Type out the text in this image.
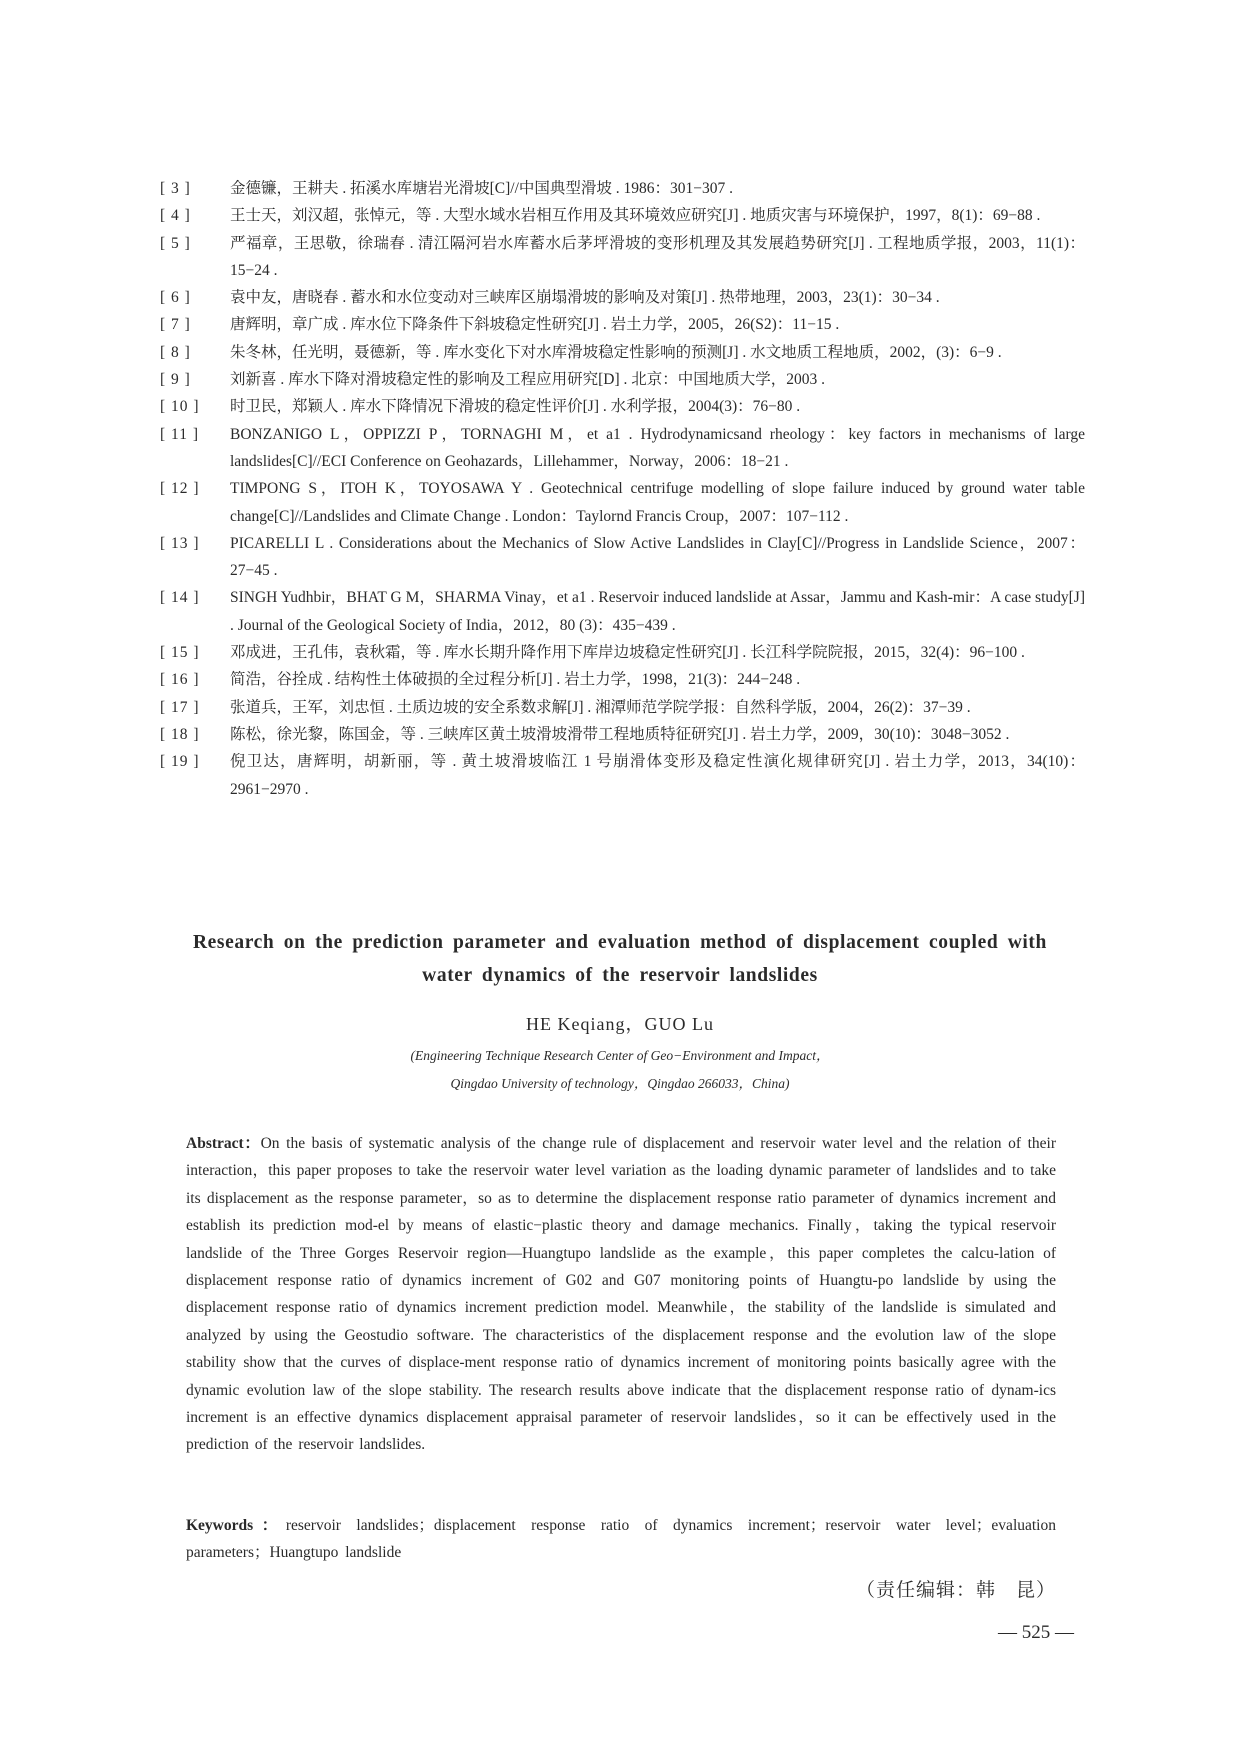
[ 3 ]	金德镰，王耕夫 . 拓溪水库塘岩光滑坡[C]//中国典型滑坡 . 1986：301−307 .
[ 4 ]	王士天，刘汉超，张悼元，等 . 大型水域水岩相互作用及其环境效应研究[J] . 地质灾害与环境保护，1997，8(1)：69−88 .
[ 5 ]	严福章，王思敬，徐瑞春 . 清江隔河岩水库蓄水后茅坪滑坡的变形机理及其发展趋势研究[J] . 工程地质学报，2003，11(1)：15−24 .
[ 6 ]	袁中友，唐晓春 . 蓄水和水位变动对三峡库区崩塌滑坡的影响及对策[J] . 热带地理，2003，23(1)：30−34 .
[ 7 ]	唐辉明，章广成 . 库水位下降条件下斜坡稳定性研究[J] . 岩土力学，2005，26(S2)：11−15 .
[ 8 ]	朱冬林，任光明，聂德新，等 . 库水变化下对水库滑坡稳定性影响的预测[J] . 水文地质工程地质，2002，(3)：6−9 .
[ 9 ]	刘新喜 . 库水下降对滑坡稳定性的影响及工程应用研究[D] . 北京：中国地质大学，2003 .
[ 10 ]	时卫民，郑颖人 . 库水下降情况下滑坡的稳定性评价[J] . 水利学报，2004(3)：76−80 .
[ 11 ]	BONZANIGO L，OPPIZZI P，TORNAGHI M，et a1 . Hydrodynamicsand rheology：key factors in mechanisms of large landslides[C]//ECI Conference on Geohazards，Lillehammer，Norway，2006：18−21 .
[ 12 ]	TIMPONG S，ITOH K，TOYOSAWA Y . Geotechnical centrifuge modelling of slope failure induced by ground water table change[C]//Landslides and Climate Change . London：Taylornd Francis Croup，2007：107−112 .
[ 13 ]	PICARELLI L . Considerations about the Mechanics of Slow Active Landslides in Clay[C]//Progress in Landslide Science，2007：27−45 .
[ 14 ]	SINGH Yudhbir，BHAT G M，SHARMA Vinay，et a1 . Reservoir induced landslide at Assar，Jammu and Kash-mir：A case study[J] . Journal of the Geological Society of India，2012，80 (3)：435−439 .
[ 15 ]	邓成进，王孔伟，袁秋霜，等 . 库水长期升降作用下库岸边坡稳定性研究[J] . 长江科学院院报，2015，32(4)：96−100 .
[ 16 ]	简浩，谷拴成 . 结构性土体破损的全过程分析[J] . 岩土力学，1998，21(3)：244−248 .
[ 17 ]	张道兵，王军，刘忠恒 . 土质边坡的安全系数求解[J] . 湘潭师范学院学报：自然科学版，2004，26(2)：37−39 .
[ 18 ]	陈松，徐光黎，陈国金，等 . 三峡库区黄土坡滑坡滑带工程地质特征研究[J] . 岩土力学，2009，30(10)：3048−3052 .
[ 19 ]	倪卫达，唐辉明，胡新丽，等 . 黄土坡滑坡临江 1 号崩滑体变形及稳定性演化规律研究[J] . 岩土力学，2013，34(10)：2961−2970 .
Research on the prediction parameter and evaluation method of displacement coupled with
water dynamics of the reservoir landslides
HE Keqiang，GUO Lu
(Engineering Technique Research Center of Geo−Environment and Impact，
Qingdao University of technology，Qingdao 266033，China)
Abstract：On the basis of systematic analysis of the change rule of displacement and reservoir water level and the relation of their interaction，this paper proposes to take the reservoir water level variation as the loading dynamic parameter of landslides and to take its displacement as the response parameter，so as to determine the displacement response ratio parameter of dynamics increment and establish its prediction mod-el by means of elastic−plastic theory and damage mechanics. Finally，taking the typical reservoir landslide of the Three Gorges Reservoir region—Huangtupo landslide as the example，this paper completes the calcu-lation of displacement response ratio of dynamics increment of G02 and G07 monitoring points of Huangtu-po landslide by using the displacement response ratio of dynamics increment prediction model. Meanwhile，the stability of the landslide is simulated and analyzed by using the Geostudio software. The characteristics of the displacement response and the evolution law of the slope stability show that the curves of displace-ment response ratio of dynamics increment of monitoring points basically agree with the dynamic evolution law of the slope stability. The research results above indicate that the displacement response ratio of dynam-ics increment is an effective dynamics displacement appraisal parameter of reservoir landslides，so it can be effectively used in the prediction of the reservoir landslides.
Keywords：reservoir landslides；displacement response ratio of dynamics increment；reservoir water level；evaluation parameters；Huangtupo landslide
（责任编辑：韩　昆）
— 525 —
